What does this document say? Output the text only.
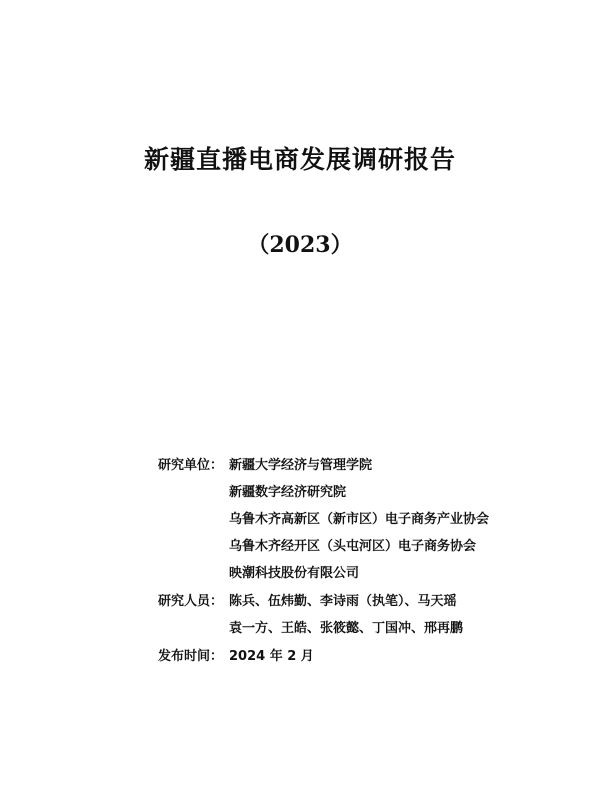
新疆直播电商发展调研报告
（2023）
研究单位： 新疆大学经济与管理学院
新疆数字经济研究院
乌鲁木齐高新区（新市区）电子商务产业协会
乌鲁木齐经开区（头屯河区）电子商务协会
映潮科技股份有限公司
研究人员： 陈兵、伍炜勤、李诗雨（执笔）、马天瑶
袁一方、王皓、张筱懿、丁国冲、邢再鹏
发布时间： 2024 年 2 月
